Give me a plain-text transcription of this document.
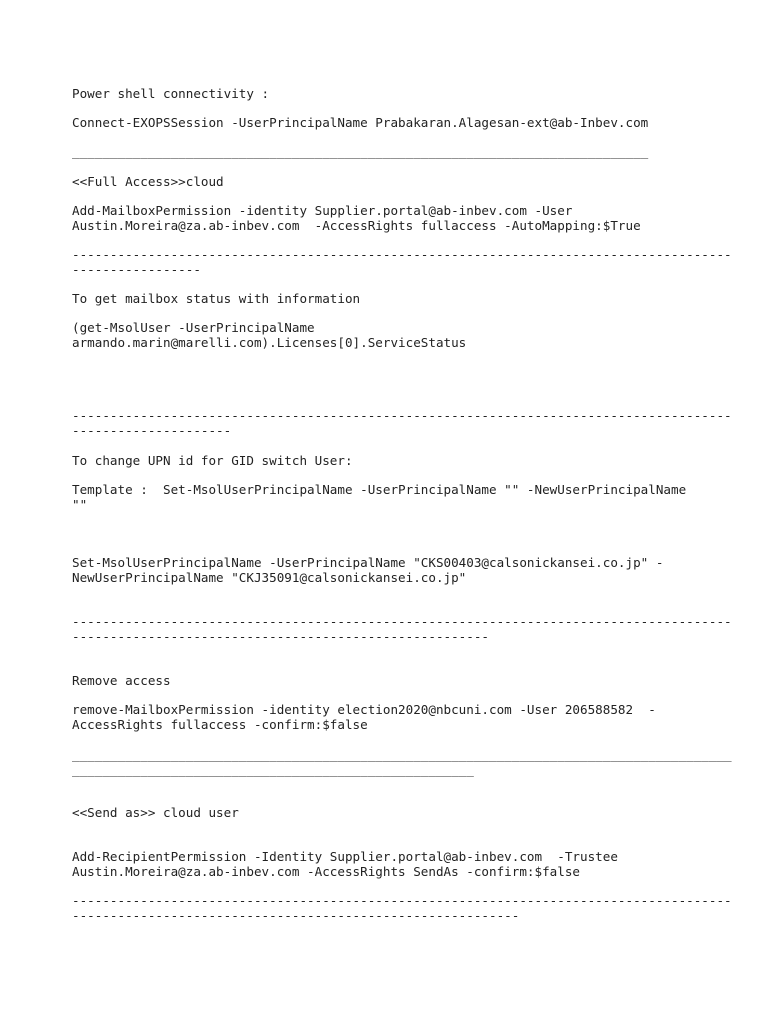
Power shell connectivity :

Connect-EXOPSSession -UserPrincipalName Prabakaran.Alagesan-ext@ab-Inbev.com

____________________________________________________________________________

<<Full Access>>cloud

Add-MailboxPermission -identity Supplier.portal@ab-inbev.com -User

Austin.Moreira@za.ab-inbev.com  -AccessRights fullaccess -AutoMapping:$True

---------------------------------------------------------------------------------------

-----------------

To get mailbox status with information

(get-MsolUser -UserPrincipalName

armando.marin@marelli.com).Licenses[0].ServiceStatus

---------------------------------------------------------------------------------------

---------------------

To change UPN id for GID switch User:

Template :  Set-MsolUserPrincipalName -UserPrincipalName "" -NewUserPrincipalName

""

Set-MsolUserPrincipalName -UserPrincipalName "CKS00403@calsonickansei.co.jp" -

NewUserPrincipalName "CKJ35091@calsonickansei.co.jp"

---------------------------------------------------------------------------------------

-------------------------------------------------------

Remove access

remove-MailboxPermission -identity election2020@nbcuni.com -User 206588582  -

AccessRights fullaccess -confirm:$false

_______________________________________________________________________________________

_____________________________________________________

<<Send as>> cloud user

Add-RecipientPermission -Identity Supplier.portal@ab-inbev.com  -Trustee

Austin.Moreira@za.ab-inbev.com -AccessRights SendAs -confirm:$false

---------------------------------------------------------------------------------------

-----------------------------------------------------------
